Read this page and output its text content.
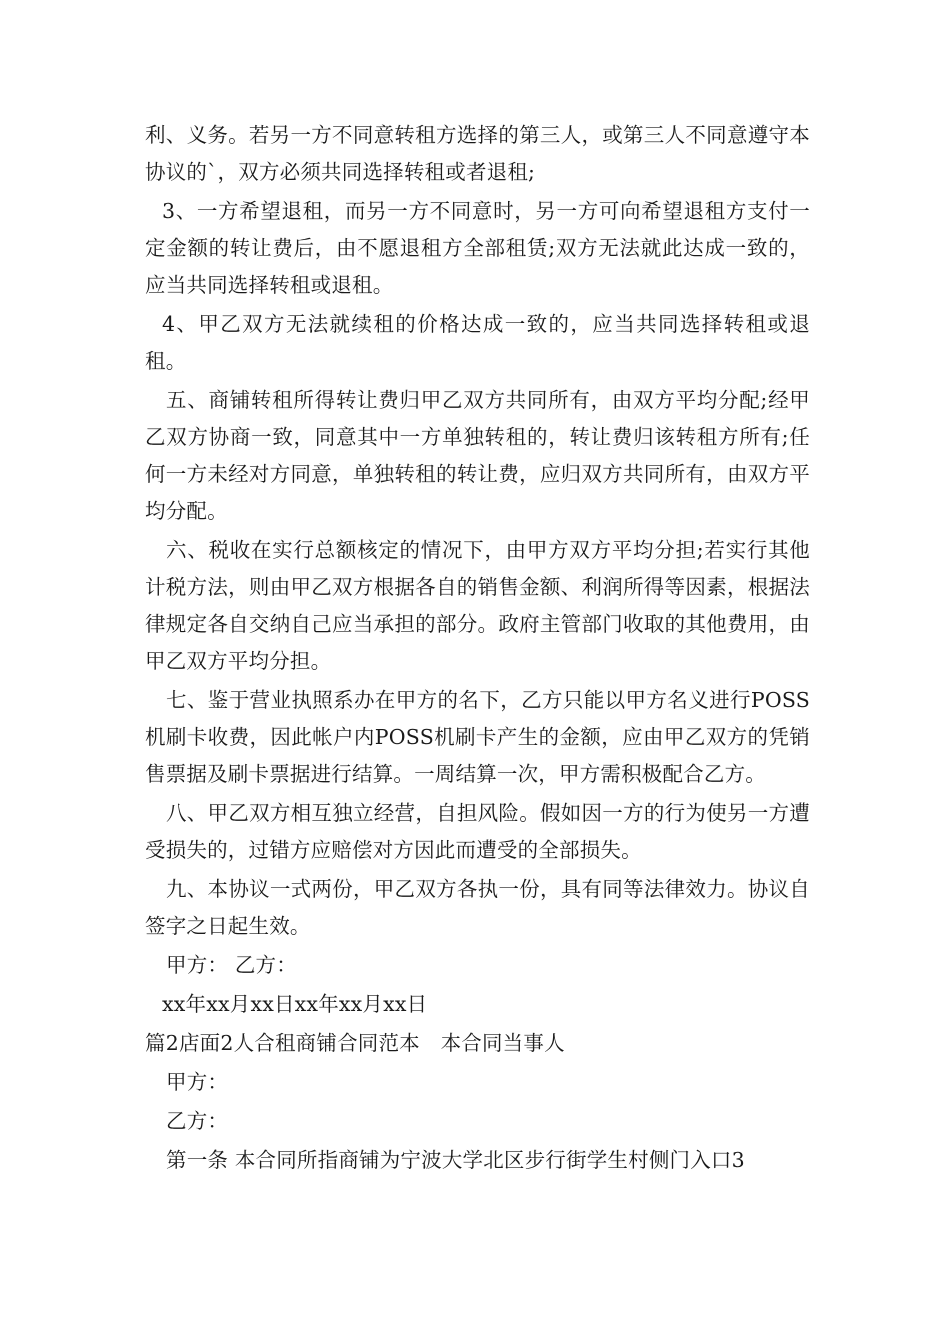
利、义务。若另一方不同意转租方选择的第三人，或第三人不同意遵守本协议的`，双方必须共同选择转租或者退租;

3、一方希望退租，而另一方不同意时，另一方可向希望退租方支付一定金额的转让费后，由不愿退租方全部租赁;双方无法就此达成一致的，应当共同选择转租或退租。

4、甲乙双方无法就续租的价格达成一致的，应当共同选择转租或退租。

五、商铺转租所得转让费归甲乙双方共同所有，由双方平均分配;经甲乙双方协商一致，同意其中一方单独转租的，转让费归该转租方所有;任何一方未经对方同意，单独转租的转让费，应归双方共同所有，由双方平均分配。

六、税收在实行总额核定的情况下，由甲方双方平均分担;若实行其他计税方法，则由甲乙双方根据各自的销售金额、利润所得等因素，根据法律规定各自交纳自己应当承担的部分。政府主管部门收取的其他费用，由甲乙双方平均分担。

七、鉴于营业执照系办在甲方的名下，乙方只能以甲方名义进行POSS机刷卡收费，因此帐户内POSS机刷卡产生的金额，应由甲乙双方的凭销售票据及刷卡票据进行结算。一周结算一次，甲方需积极配合乙方。

八、甲乙双方相互独立经营，自担风险。假如因一方的行为使另一方遭受损失的，过错方应赔偿对方因此而遭受的全部损失。

九、本协议一式两份，甲乙双方各执一份，具有同等法律效力。协议自签字之日起生效。

甲方： 乙方：

xx年xx月xx日xx年xx月xx日

篇2店面2人合租商铺合同范本　本合同当事人

甲方：

乙方：

第一条 本合同所指商铺为宁波大学北区步行街学生村侧门入口3
